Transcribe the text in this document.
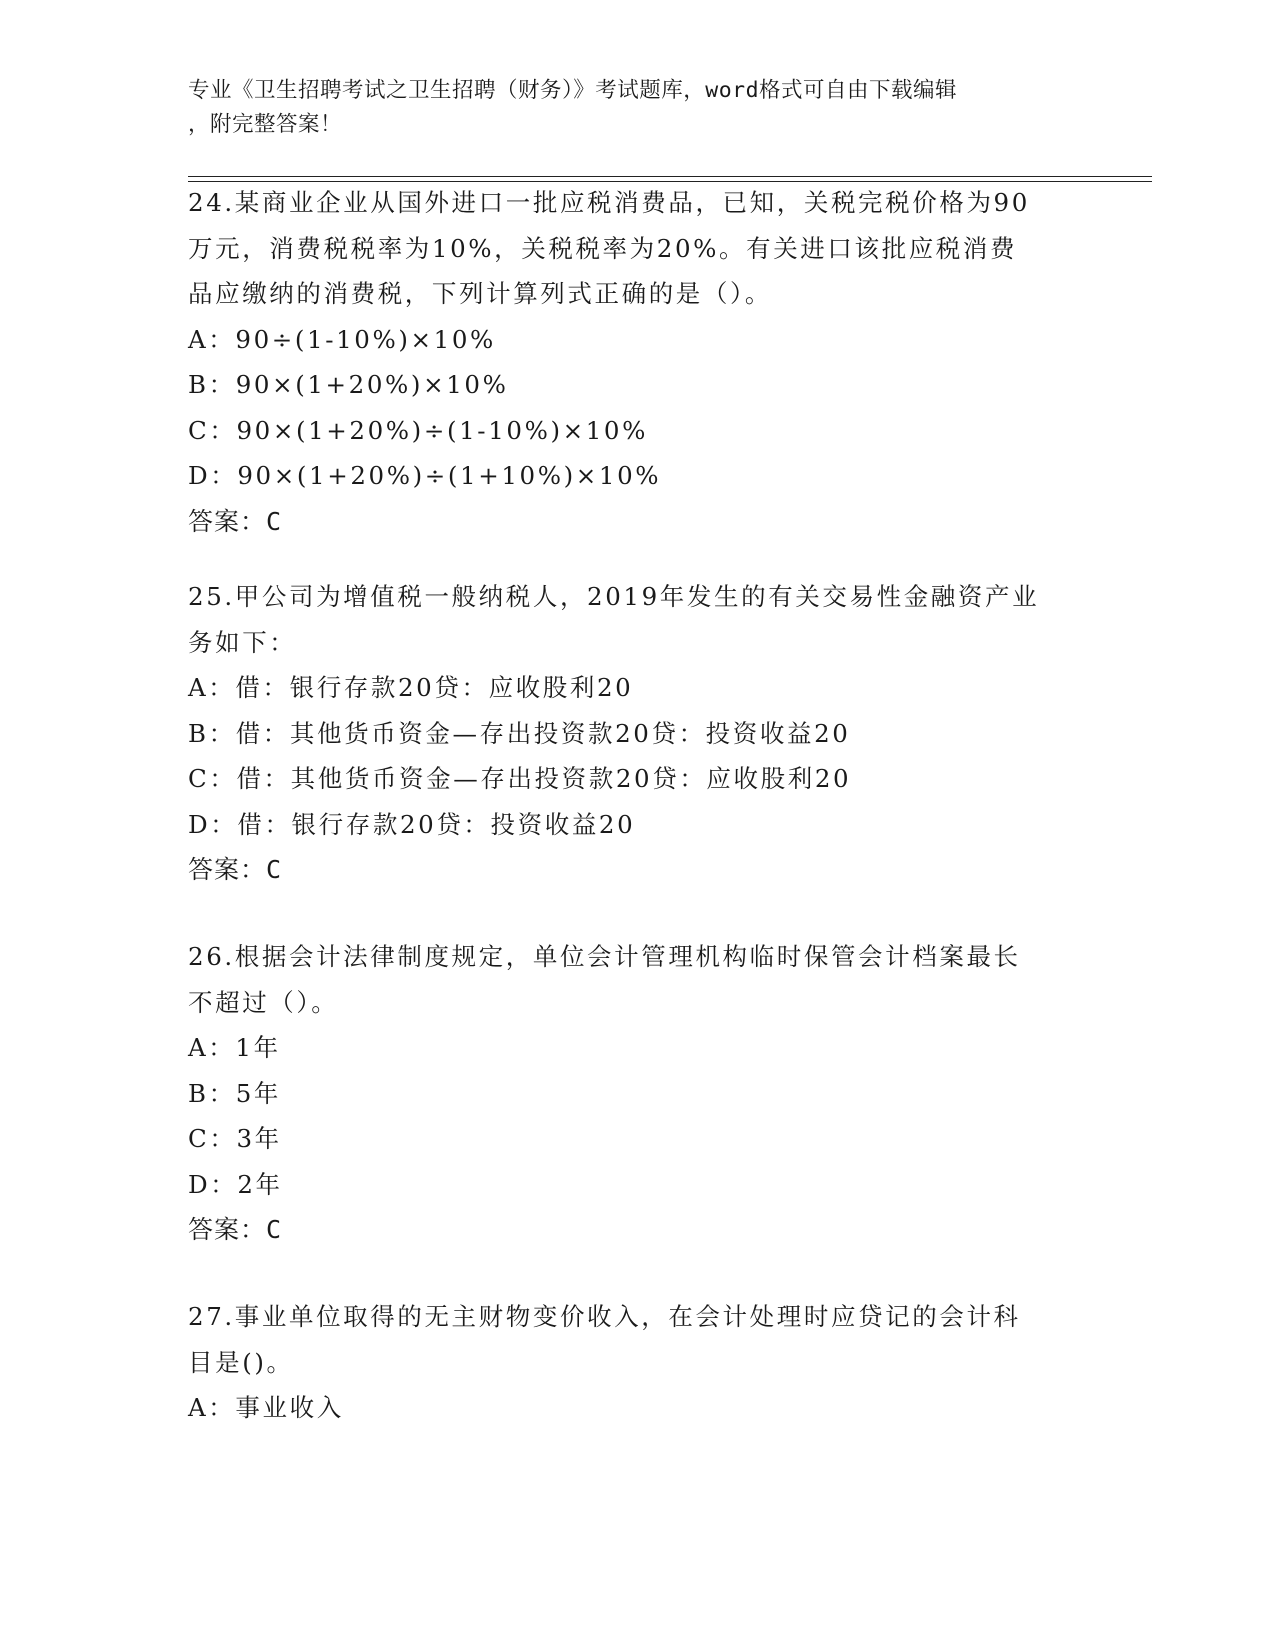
专业《卫生招聘考试之卫生招聘（财务）》考试题库，word格式可自由下载编辑
，附完整答案！
24.某商业企业从国外进口一批应税消费品，已知，关税完税价格为90
万元，消费税税率为10%，关税税率为20%。有关进口该批应税消费
品应缴纳的消费税，下列计算列式正确的是（）。
A：90÷(1-10%)×10%
B：90×(1+20%)×10%
C：90×(1+20%)÷(1-10%)×10%
D：90×(1+20%)÷(1+10%)×10%
答案：C
25.甲公司为增值税一般纳税人，2019年发生的有关交易性金融资产业
务如下：
A：借：银行存款20贷：应收股利20
B：借：其他货币资金—存出投资款20贷：投资收益20
C：借：其他货币资金—存出投资款20贷：应收股利20
D：借：银行存款20贷：投资收益20
答案：C
26.根据会计法律制度规定，单位会计管理机构临时保管会计档案最长
不超过（）。
A：1年
B：5年
C：3年
D：2年
答案：C
27.事业单位取得的无主财物变价收入，在会计处理时应贷记的会计科
目是()。
A：事业收入
